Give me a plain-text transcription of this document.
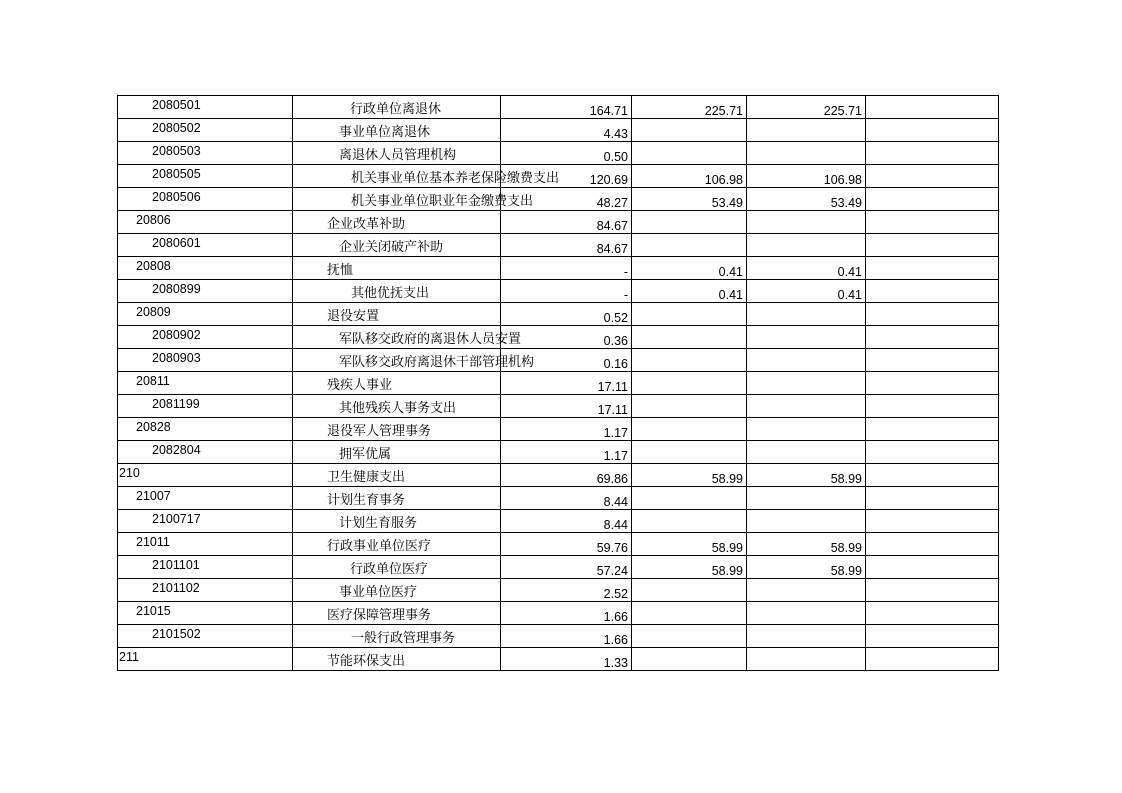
2080501	行政单位离退休	164.71	225.71	225.71	

2080502	事业单位离退休	4.43			

2080503	离退休人员管理机构	0.50			

2080505	机关事业单位基本养老保险缴费支出	120.69	106.98	106.98	

2080506	机关事业单位职业年金缴费支出	48.27	53.49	53.49	

20806	企业改革补助	84.67			

2080601	企业关闭破产补助	84.67			

20808	抚恤	-	0.41	0.41	

2080899	其他优抚支出	-	0.41	0.41	

20809	退役安置	0.52			

2080902	军队移交政府的离退休人员安置	0.36			

2080903	军队移交政府离退休干部管理机构	0.16			

20811	残疾人事业	17.11			

2081199	其他残疾人事务支出	17.11			

20828	退役军人管理事务	1.17			

2082804	拥军优属	1.17			

210	卫生健康支出	69.86	58.99	58.99	

21007	计划生育事务	8.44			

2100717	计划生育服务	8.44			

21011	行政事业单位医疗	59.76	58.99	58.99	

2101101	行政单位医疗	57.24	58.99	58.99	

2101102	事业单位医疗	2.52			

21015	医疗保障管理事务	1.66			

2101502	一般行政管理事务	1.66			

211	节能环保支出	1.33			
